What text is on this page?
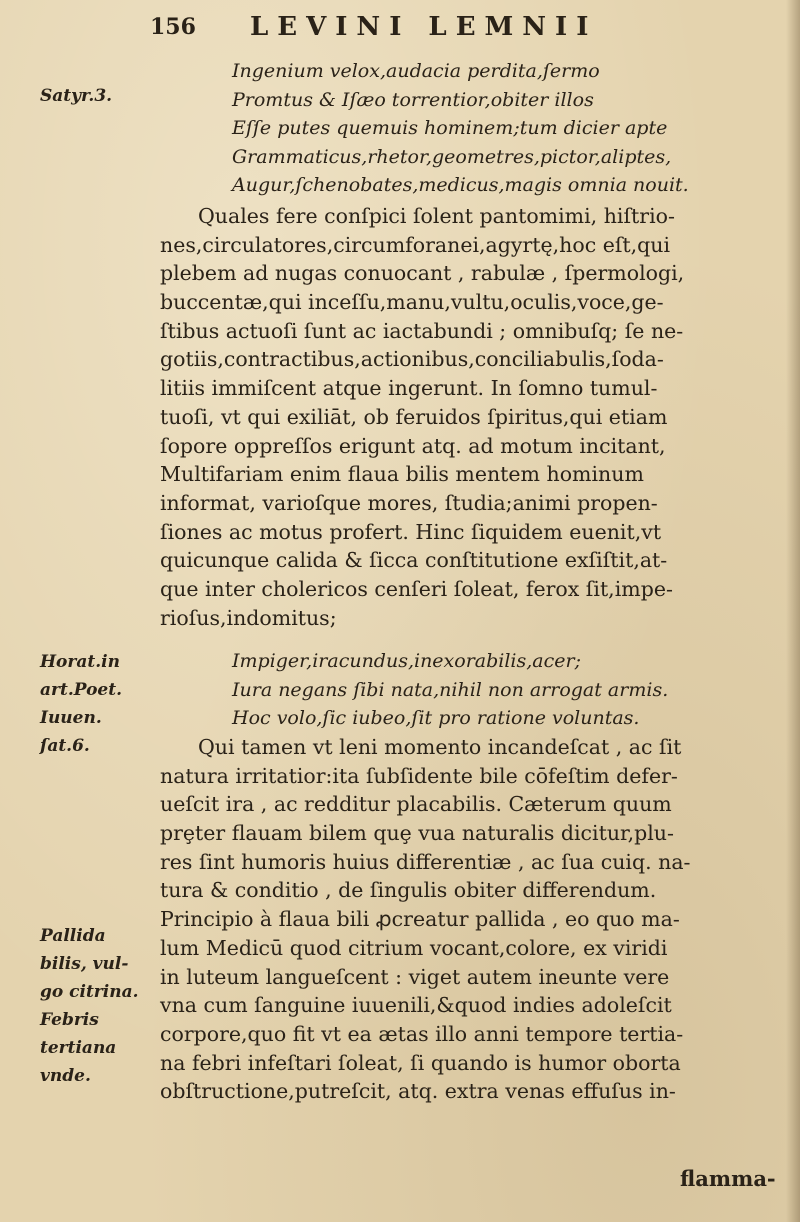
156 LEVINI LEMNII
Satyr.3.
Ingenium velox,audacia perdita,ſermo
Promtus & Iſæo torrentior,obiter illos
Eſſe putes quemuis hominem;tum dicier apte
Grammaticus,rhetor,geometres,pictor,aliptes,
Augur,ſchenobates,medicus,magis omnia nouit.
Quales fere conſpici ſolent pantomimi, hiſtrio-
nes,circulatores,circumforanei,agyrtę,hoc eſt,qui
plebem ad nugas conuocant , rabulæ , ſpermologi,
buccentæ,qui inceſſu,manu,vultu,oculis,voce,ge-
ſtibus actuoſi ſunt ac iactabundi ; omnibuſq; ſe ne-
gotiis,contractibus,actionibus,conciliabulis,ſoda-
litiis immiſcent atque ingerunt. In ſomno tumul-
tuoſi, vt qui exiliāt, ob feruidos ſpiritus,qui etiam
ſopore oppreſſos erigunt atq. ad motum incitant,
Multifariam enim flaua bilis mentem hominum
informat, varioſque mores, ſtudia;animi propen-
ſiones ac motus profert. Hinc ſiquidem euenit,vt
quicunque calida & ſicca conſtitutione exſiſtit,at-
que inter cholericos cenſeri ſoleat, ferox ſit,impe-
rioſus,indomitus;
Horat.in
art.Poet.
Iuuen.
ſat.6.
Impiger,iracundus,inexorabilis,acer;
Iura negans ſibi nata,nihil non arrogat armis.
Hoc volo,ſic iubeo,ſit pro ratione voluntas.
Qui tamen vt leni momento incandeſcat , ac ſit
natura irritatior:ita ſubſidente bile cōfeſtim defer-
ueſcit ira , ac redditur placabilis. Cæterum quum
prȩter flauam bilem quȩ vua naturalis dicitur,plu-
res ſint humoris huius differentiæ , ac ſua cuiq. na-
tura & conditio , de ſingulis obiter differendum.
Principio à flaua bili ꝓcreatur pallida , eo quo ma-
lum Medicū quod citrium vocant,colore, ex viridi
in luteum langueſcent : viget autem ineunte vere
vna cum ſanguine iuuenili,&quod indies adoleſcit
corpore,quo fit vt ea ætas illo anni tempore tertia-
na febri infeſtari ſoleat, ſi quando is humor oborta
obſtructione,putreſcit, atq. extra venas effuſus in-
Pallida
bilis, vul-
go citrina.
Febris
tertiana
vnde.
flamma-
